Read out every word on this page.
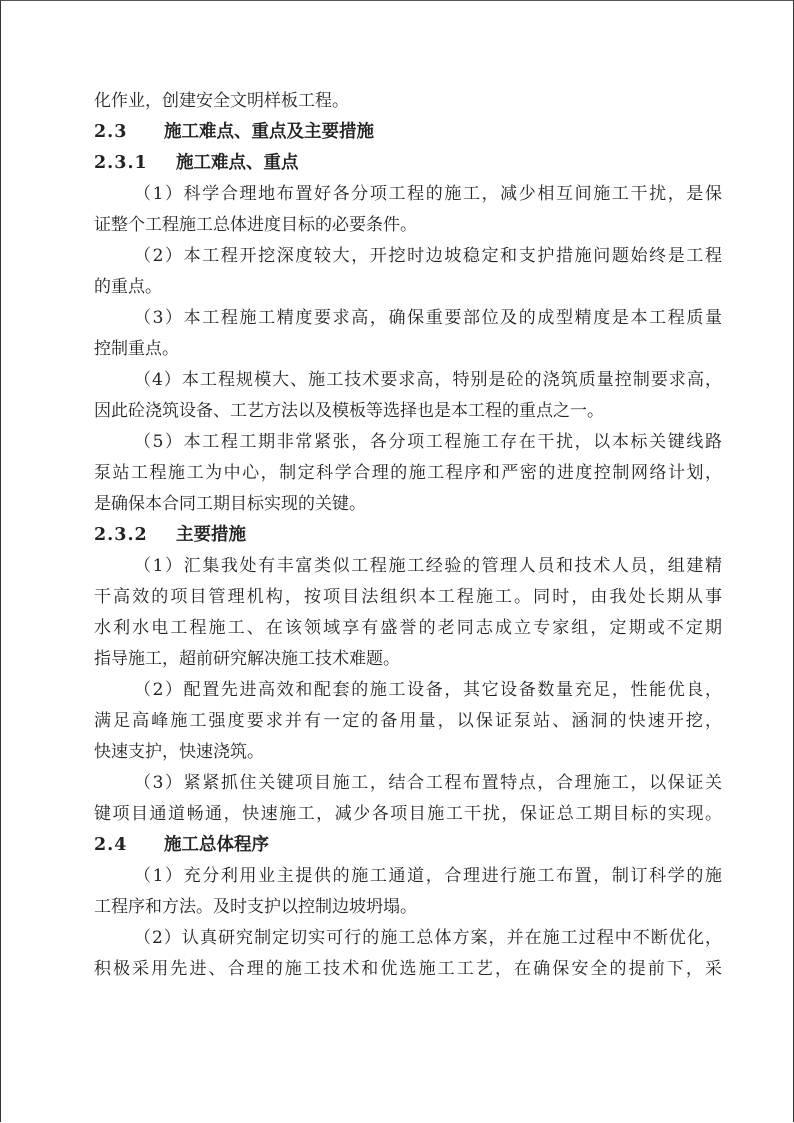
化作业，创建安全文明样板工程。
2.3 施工难点、重点及主要措施
2.3.1 施工难点、重点
（1）科学合理地布置好各分项工程的施工，减少相互间施工干扰，是保
证整个工程施工总体进度目标的必要条件。
（2）本工程开挖深度较大，开挖时边坡稳定和支护措施问题始终是工程
的重点。
（3）本工程施工精度要求高，确保重要部位及的成型精度是本工程质量
控制重点。
（4）本工程规模大、施工技术要求高，特别是砼的浇筑质量控制要求高，
因此砼浇筑设备、工艺方法以及模板等选择也是本工程的重点之一。
（5）本工程工期非常紧张，各分项工程施工存在干扰，以本标关键线路
泵站工程施工为中心，制定科学合理的施工程序和严密的进度控制网络计划，
是确保本合同工期目标实现的关键。
2.3.2 主要措施
（1）汇集我处有丰富类似工程施工经验的管理人员和技术人员，组建精
干高效的项目管理机构，按项目法组织本工程施工。同时，由我处长期从事
水利水电工程施工、在该领域享有盛誉的老同志成立专家组，定期或不定期
指导施工，超前研究解决施工技术难题。
（2）配置先进高效和配套的施工设备，其它设备数量充足，性能优良，
满足高峰施工强度要求并有一定的备用量，以保证泵站、涵洞的快速开挖，
快速支护，快速浇筑。
（3）紧紧抓住关键项目施工，结合工程布置特点，合理施工，以保证关
键项目通道畅通，快速施工，减少各项目施工干扰，保证总工期目标的实现。
2.4 施工总体程序
（1）充分利用业主提供的施工通道，合理进行施工布置，制订科学的施
工程序和方法。及时支护以控制边坡坍塌。
（2）认真研究制定切实可行的施工总体方案，并在施工过程中不断优化，
积极采用先进、合理的施工技术和优选施工工艺，在确保安全的提前下，采
